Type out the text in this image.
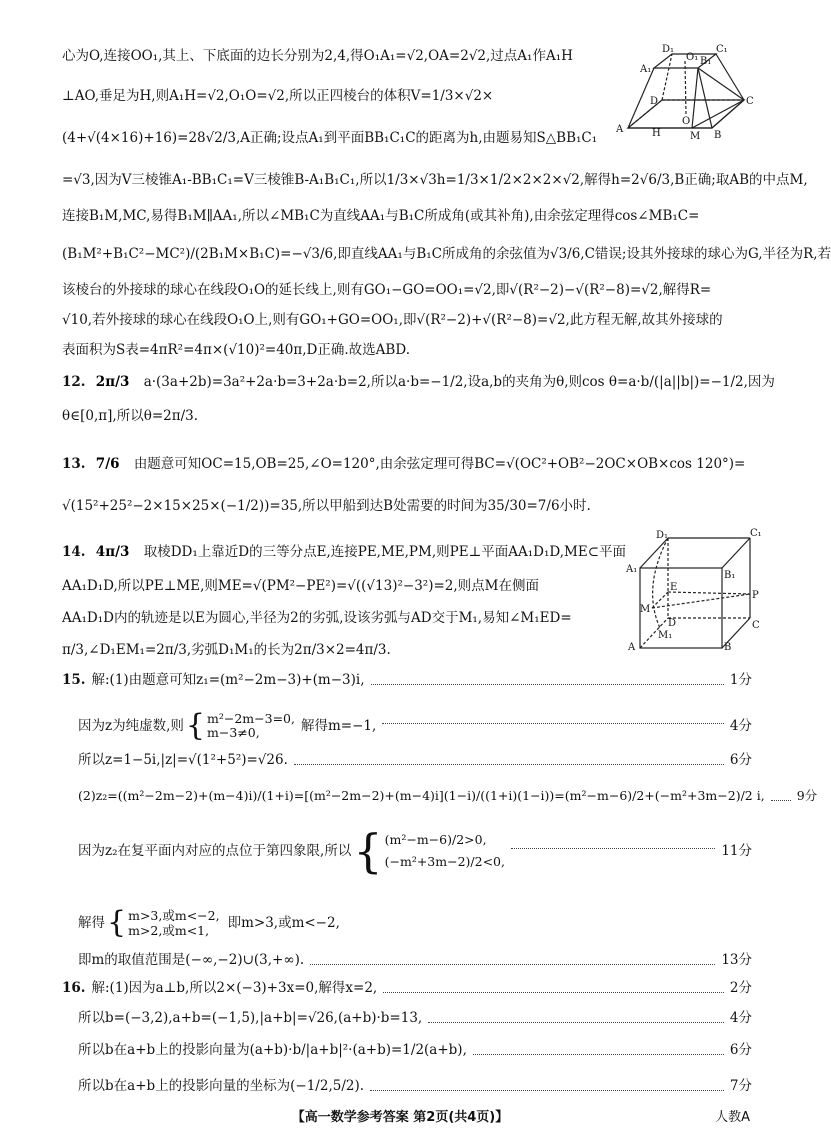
心为O,连接OO₁,其上、下底面的边长分别为2,4,得O₁A₁=√2,OA=2√2,过点A₁作A₁H
⊥AO,垂足为H,则A₁H=√2,O₁O=√2,所以正四棱台的体积V=1/3×√2×
(4+√(4×16)+16)=28√2/3,A正确;设点A₁到平面BB₁C₁C的距离为h,由题易知S△BB₁C₁
=√3,因为V三棱锥A₁-BB₁C₁=V三棱锥B-A₁B₁C₁,所以1/3×√3h=1/3×1/2×2×2×√2,解得h=2√6/3,B正确;取AB的中点M,
连接B₁M,MC,易得B₁M∥AA₁,所以∠MB₁C为直线AA₁与B₁C所成角(或其补角),由余弦定理得cos∠MB₁C=
(B₁M²+B₁C²−MC²)/(2B₁M×B₁C)=−√3/6,即直线AA₁与B₁C所成角的余弦值为√3/6,C错误;设其外接球的球心为G,半径为R,若
该棱台的外接球的球心在线段O₁O的延长线上,则有GO₁−GO=OO₁=√2,即√(R²−2)−√(R²−8)=√2,解得R=
√10,若外接球的球心在线段O₁O上,则有GO₁+GO=OO₁,即√(R²−2)+√(R²−8)=√2,此方程无解,故其外接球的
表面积为S表=4πR²=4π×(√10)²=40π,D正确.故选ABD.
A
B
C
D
A₁
B₁
C₁
D₁
O
O₁
H	M
12. 2π/3 a·(3a+2b)=3a²+2a·b=3+2a·b=2,所以a·b=−1/2,设a,b的夹角为θ,则cos θ=a·b/(|a||b|)=−1/2,因为
θ∈[0,π],所以θ=2π/3.
13. 7/6 由题意可知OC=15,OB=25,∠O=120°,由余弦定理可得BC=√(OC²+OB²−2OC×OB×cos 120°)=
√(15²+25²−2×15×25×(−1/2))=35,所以甲船到达B处需要的时间为35/30=7/6小时.
14. 4π/3 取棱DD₁上靠近D的三等分点E,连接PE,ME,PM,则PE⊥平面AA₁D₁D,ME⊂平面
AA₁D₁D,所以PE⊥ME,则ME=√(PM²−PE²)=√((√13)²−3²)=2,则点M在侧面
AA₁D₁D内的轨迹是以E为圆心,半径为2的劣弧,设该劣弧与AD交于M₁,易知∠M₁ED=
π/3,∠D₁EM₁=2π/3,劣弧D₁M₁的长为2π/3×2=4π/3.
D₁	C₁
A₁
B₁
P
E
M
D
M₁
A	B
C
15. 解:(1)由题意可知z₁=(m²−2m−3)+(m−3)i,	1分
因为z为纯虚数,则 { m²−2m−3=0,
m−3≠0,	解得m=−1,	4分
所以z=1−5i,|z|=√(1²+5²)=√26.	6分
(2)z₂=((m²−2m−2)+(m−4)i)/(1+i)=[(m²−2m−2)+(m−4)i](1−i)/((1+i)(1−i))=(m²−m−6)/2+(−m²+3m−2)/2 i,	9分
因为z₂在复平面内对应的点位于第四象限,所以 { (m²−m−6)/2>0,
(−m²+3m−2)/2<0,
11分
解得 { m>3,或m<−2,
m>2,或m<1,	即m>3,或m<−2,
即m的取值范围是(−∞,−2)∪(3,+∞).	13分
16. 解:(1)因为a⊥b,所以2×(−3)+3x=0,解得x=2,	2分
所以b=(−3,2),a+b=(−1,5),|a+b|=√26,(a+b)·b=13,	4分
所以b在a+b上的投影向量为(a+b)·b/|a+b|²·(a+b)=1/2(a+b),	6分
所以b在a+b上的投影向量的坐标为(−1/2,5/2).	7分
【高一数学参考答案 第2页(共4页)】	人教A
